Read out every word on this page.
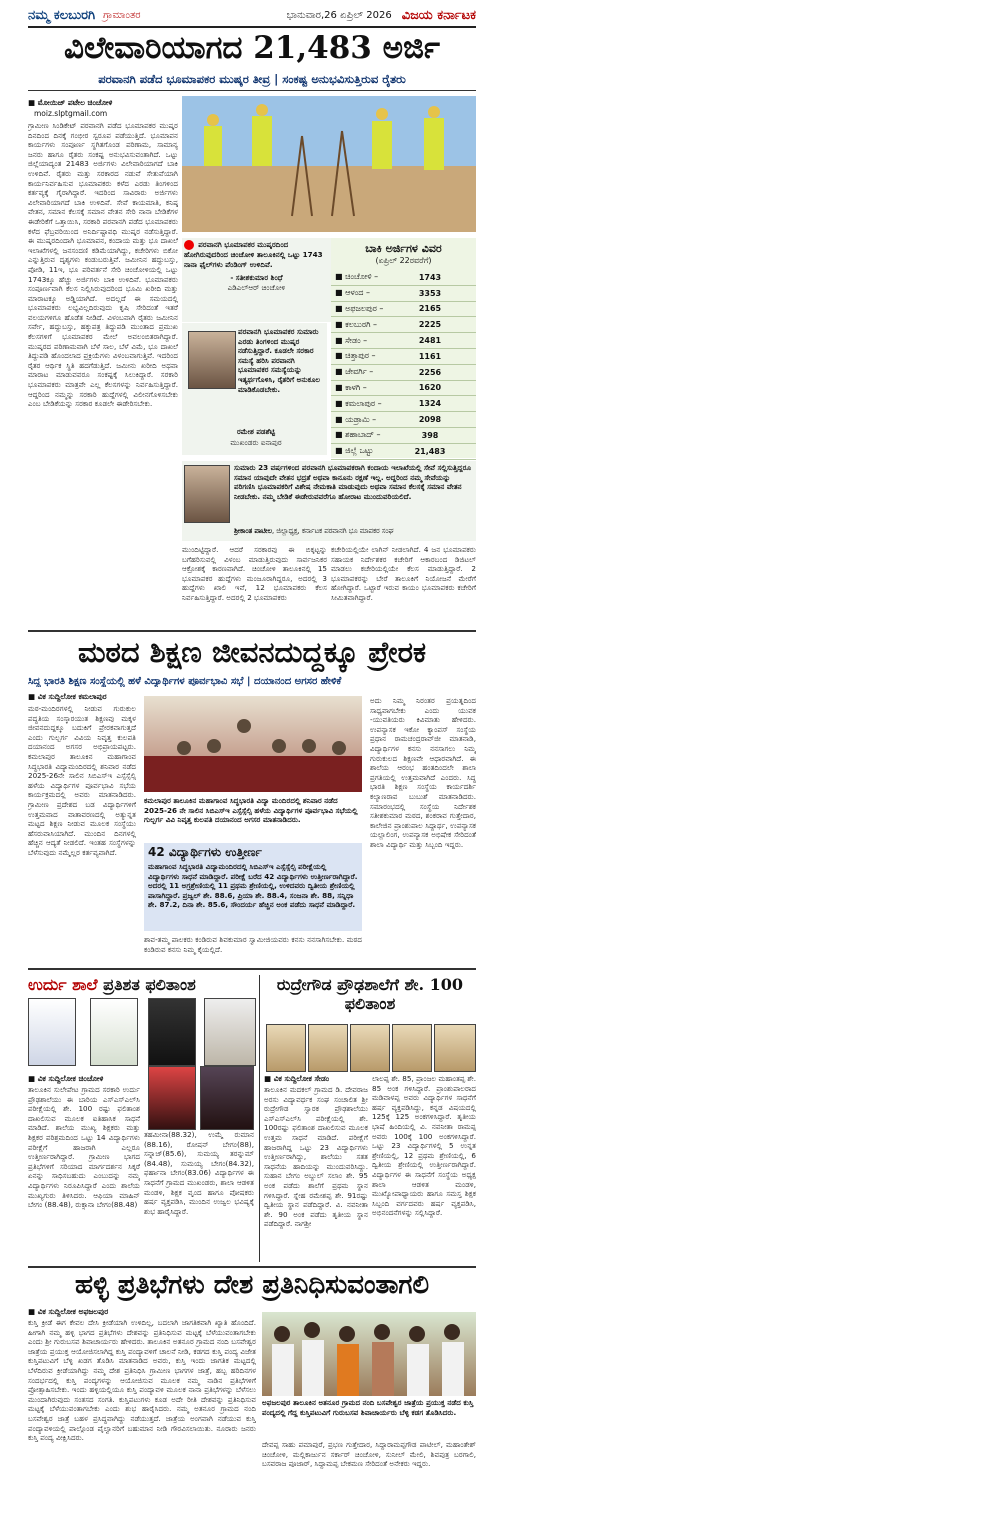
ನಮ್ಮ ಕಲಬುರಗಿ ಗ್ರಾಮಾಂತರ	ಭಾನುವಾರ,26 ಏಪ್ರಿಲ್ 2026 ವಿಜಯ ಕರ್ನಾಟಕ
ವಿಲೇವಾರಿಯಾಗದ 21,483 ಅರ್ಜಿ
ಪರವಾನಗಿ ಪಡೆದ ಭೂಮಾಪಕರ ಮುಷ್ಕರ ತೀವ್ರ | ಸಂಕಷ್ಟ ಅನುಭವಿಸುತ್ತಿರುವ ರೈತರು
■ ಮೋಯಿಜ್ ಪಟೇಲ ಚಿಂಚೋಳಿ
moiz.slptgmail.com
ಗ್ರಾಮೀಣ ಸಿಂಡಿಕೇಟ್ ಪರವಾನಗಿ ಪಡೆದ ಭೂಮಾಪಕರ ಮುಷ್ಕರ ದಿನದಿಂದ ದಿನಕ್ಕೆ ಗಂಭೀರ ಸ್ವರೂಪ ಪಡೆಯುತ್ತಿದೆ. ಭೂಮಾಪನ ಕಾರ್ಯಗಳು ಸಂಪೂರ್ಣ ಸ್ಥಗಿತಗೊಂಡ ಪರಿಣಾಮ, ಸಾಮಾನ್ಯ ಜನರು ಹಾಗೂ ರೈತರು ಸಂಕಷ್ಟ ಅನುಭವಿಸುವಂತಾಗಿದೆ. ಒಟ್ಟು ಜಿಲ್ಲೆಯಾದ್ಯಂತ 21483 ಅರ್ಜಿಗಳು ವಿಲೇವಾರಿಯಾಗದೆ ಬಾಕಿ ಉಳಿದಿವೆ. ರೈತರು ಮತ್ತು ಸರಕಾರದ ನಡುವೆ ಸೇತುವೆಯಾಗಿ ಕಾರ್ಯನಿರ್ವಹಿಸುವ ಭೂಮಾಪಕರು ಕಳೆದ ಎರಡು ತಿಂಗಳಿಂದ ಕರ್ತವ್ಯಕ್ಕೆ ಗೈರಾಗಿದ್ದಾರೆ. ಇದರಿಂದ ಸಾವಿರಾರು ಅರ್ಜಿಗಳು ವಿಲೇವಾರಿಯಾಗದೆ ಬಾಕಿ ಉಳಿದಿವೆ. ಸೇವೆ ಕಾಯಮಾತಿ, ಕನಿಷ್ಠ ವೇತನ, ಸಮಾನ ಕೆಲಸಕ್ಕೆ ಸಮಾನ ವೇತನ ಸೇರಿ ನಾನಾ ಬೇಡಿಕೆಗಳ ಈಡೇರಿಕೆಗೆ ಒತ್ತಾಯಿಸಿ, ಸರಕಾರಿ ಪರವಾನಗಿ ಪಡೆದ ಭೂಮಾಪಕರು ಕಳೆದ ಫೆಬ್ರವರಿಯಿಂದ ಅನಿರ್ದಿಷ್ಟಾವಧಿ ಮುಷ್ಕರ ನಡೆಸುತ್ತಿದ್ದಾರೆ. ಈ ಮುಷ್ಕರದಿಂದಾಗಿ ಭೂಮಾಪನ, ಕಂದಾಯ ಮತ್ತು ಭೂ ದಾಖಲೆ ಇಲಾಖೆಗಳಲ್ಲಿ ಜನಸಂದಣಿ ಕಡಿಮೆಯಾಗಿದ್ದು, ಕಚೇರಿಗಳು ಬಿಕೋ ಎನ್ನುತ್ತಿರುವ ದೃಶ್ಯಗಳು ಕಂಡುಬರುತ್ತಿವೆ. ಜಮೀನಿನ ಹದ್ದುಬಸ್ತು, ಪೋಡಿ, 11ಇ, ಭೂ ಪರಿವರ್ತನೆ ಸೇರಿ ಚಿಂಚೋಳಿಯಲ್ಲಿ ಒಟ್ಟು 1743ಕ್ಕೂ ಹೆಚ್ಚು ಅರ್ಜಿಗಳು ಬಾಕಿ ಉಳಿದಿವೆ. ಭೂಮಾಪಕರು ಸಂಪೂರ್ಣವಾಗಿ ಕೆಲಸ ನಿಲ್ಲಿಸಿರುವುದರಿಂದ ಭೂಮಿ ಖರೀದಿ ಮತ್ತು ಮಾರಾಟಕ್ಕೂ ಅಡ್ಡಿಯಾಗಿದೆ. ಅದಲ್ಲದೆ ಈ ಸಮಯದಲ್ಲಿ ಭೂಮಾಪಕರು ಲಭ್ಯವಿಲ್ಲದಿರುವುದು ಕೃಷಿ ಸೇರಿದಂತೆ ಇತರೆ ವಲಯಗಳಿಗೂ ಹೊಡೆತ ನೀಡಿದೆ. ವಿಳಂಬವಾಗಿ ರೈತರು ಜಮೀನಿನ ಸರ್ವೇ, ಹದ್ದುಬಸ್ತು, ಹಕ್ಕುಪತ್ರ ತಿದ್ದುಪಡಿ ಮುಂತಾದ ಪ್ರಮುಖ ಕೆಲಸಗಳಿಗೆ ಭೂಮಾಪಕರ ಮೇಲೆ ಅವಲಂಬಿತರಾಗಿದ್ದಾರೆ. ಮುಷ್ಕರದ ಪರಿಣಾಮವಾಗಿ ಬೆಳೆ ಸಾಲ, ಬೆಳೆ ವಿಮೆ, ಭೂ ದಾಖಲೆ ತಿದ್ದುಪಡಿ ಹೊಂದಲಾದ ಪ್ರಕ್ರಿಯೆಗಳು ವಿಳಂಬವಾಗುತ್ತಿವೆ. ಇದರಿಂದ ರೈತರ ಆರ್ಥಿಕ ಸ್ಥಿತಿ ಹದಗೆಡುತ್ತಿದೆ. ಜಮೀನು ಖರೀದಿ ಅಥವಾ ಮಾರಾಟ ಮಾಡುವವರೂ ಸಂಕಷ್ಟಕ್ಕೆ ಸಿಲುಕಿದ್ದಾರೆ. ಸರಕಾರಿ ಭೂಮಾಪಕರು ಮಾತ್ರವೇ ಎಲ್ಲ ಕೆಲಸಗಳನ್ನು ನಿರ್ವಹಿಸುತ್ತಿದ್ದಾರೆ. ಆದ್ದರಿಂದ ನಮ್ಮನ್ನು ಸರಕಾರಿ ಹುದ್ದೆಗಳಲ್ಲಿ ವಿಲೀನಗೊಳಿಸಬೇಕು ಎಂಬ ಬೇಡಿಕೆಯನ್ನು ಸರಕಾರ ಕೂಡಲೇ ಈಡೇರಿಸಬೇಕು.
ಪರವಾನಗಿ ಭೂಮಾಪಕರ ಮುಷ್ಕರದಿಂದ ಹೋಗಿರುವುದರಿಂದ ಚಿಂಚೋಳಿ ತಾಲೂಕಿನಲ್ಲಿ ಒಟ್ಟು 1743 ನಾನಾ ಫೈಲ್‌ಗಳು ಪೆಂಡಿಂಗ್ ಉಳಿದಿವೆ.
- ಸತೀಶಕುಮಾರ ಶಿಂಧೆ
ಎಡಿಎಲ್‌ಆರ್ ಚಿಂಚೋಳಿ
ಪರವಾನಗಿ ಭೂಮಾಪಕರ ಸುಮಾರು ಎರಡು ತಿಂಗಳಿಂದ ಮುಷ್ಕರ ನಡೆಸುತ್ತಿದ್ದಾರೆ. ಕೂಡಲೇ ಸರಕಾರ ಸಮಸ್ಯೆ ಹರಿಸಿ ಪರವಾನಗಿ ಭೂಮಾಪಕರ ಸಮಸ್ಯೆಯನ್ನು ಇತ್ಯರ್ಥಗೊಳಿಸಿ, ರೈತರಿಗೆ ಅನುಕೂಲ ಮಾಡಿಕೊಡಬೇಕು.
ರಮೇಶ ಪಡಶೆಟ್ಟಿ
ಮುಖಂಡರು ಐನಾಪುರ
ಬಾಕಿ ಅರ್ಜಿಗಳ ವಿವರ
(ಏಪ್ರಿಲ್ 22ರವರೆಗೆ)
■ ಚಿಂಚೋಳಿ –	1743
■ ಆಳಂದ –	3353
■ ಅಫಜಲಪುರ –	2165
■ ಕಲಬುರಗಿ –	2225
■ ಸೇಡಂ –	2481
■ ಚಿತ್ತಾಪುರ –	1161
■ ಜೇವರ್ಗಿ –	2256
■ ಕಾಳಗಿ –	1620
■ ಕಮಲಾಪುರ –	1324
■ ಯಡ್ರಾಮಿ –	2098
■ ಶಹಾಬಾದ್ –	398
■ ಜಿಲ್ಲೆ ಒಟ್ಟು	21,483
ಸುಮಾರು 23 ವರ್ಷಗಳಿಂದ ಪರವಾನಗಿ ಭೂಮಾಪಕರಾಗಿ ಕಂದಾಯ ಇಲಾಖೆಯಲ್ಲಿ ಸೇವೆ ಸಲ್ಲಿಸುತ್ತಿದ್ದರೂ ಸಮಾನ ಯಾವುದೇ ವೇತನ ಭದ್ರತೆ ಅಥವಾ ಕಾನೂನು ರಕ್ಷಣೆ ಇಲ್ಲ. ಅದ್ದರಿಂದ ನಮ್ಮ ಸೇವೆಯನ್ನು ಪರಿಗಣಿಸಿ ಭೂಮಾಪಕರಿಗೆ ವಿಶೇಷ ನೇಮಕಾತಿ ಮಾಡುವುದು ಅಥವಾ ಸಮಾನ ಕೆಲಸಕ್ಕೆ ಸಮಾನ ವೇತನ ನೀಡಬೇಕು. ನಮ್ಮ ಬೇಡಿಕೆ ಈಡೇರುವವರೆಗೂ ಹೋರಾಟ ಮುಂದುವರಿಯಲಿದೆ.
ಶ್ರೀಕಾಂತ ಪಾಟೀಲ, ಜಿಲ್ಲಾಧ್ಯಕ್ಷ, ಕರ್ನಾಟಕ ಪರವಾನಗಿ ಭೂ ಮಾಪಕರ ಸಂಘ
ಮುಂದಿಟ್ಟಿದ್ದಾರೆ. ಆದರೆ ಸರಕಾರವು ಈ ಬಿಕ್ಕಟ್ಟನ್ನು ಬಗೆಹರಿಸುವಲ್ಲಿ ವಿಳಂಬ ಮಾಡುತ್ತಿರುವುದು ಸಾರ್ವಜನಿಕರ ಆಕ್ರೋಶಕ್ಕೆ ಕಾರಣವಾಗಿದೆ. ಚಿಂಚೋಳಿ ತಾಲೂಕಿನಲ್ಲಿ 15 ಭೂಮಾಪಕರ ಹುದ್ದೆಗಳು ಮಂಜೂರಾಗಿದ್ದರೂ, ಅದರಲ್ಲಿ 3 ಹುದ್ದೆಗಳು ಖಾಲಿ ಇವೆ, 12 ಭೂಮಾಪಕರು ಕೆಲಸ ನಿರ್ವಹಿಸುತ್ತಿದ್ದಾರೆ. ಅದರಲ್ಲಿ 2 ಭೂಮಾಪಕರು
ಕಚೇರಿಯಲ್ಲಿಯೇ ಲಾಗಿನ್ ನೀಡಲಾಗಿದೆ. 4 ಜನ ಭೂಮಾಪಕರು ಸಹಾಯಕ ನಿರ್ದೇಶಕರ ಕಚೇರಿಗೆ ಆಕಾರಬಂದ ಡಿಜಿಟಲ್ ಮಾಡಲು ಕಚೇರಿಯಲ್ಲಿಯೇ ಕೆಲಸ ಮಾಡುತ್ತಿದ್ದಾರೆ. 2 ಭೂಮಾಪಕರನ್ನು ಬೇರೆ ತಾಲೂಕಿಗೆ ನಿಯೋಜನೆ ಮೇರೆಗೆ ಹೋಗಿದ್ದಾರೆ. ಒಟ್ಟಾರೆ ಇರುವ ಕಾಯಂ ಭೂಮಾಪಕರು ಕಚೇರಿಗೆ ಸೀಮಿತವಾಗಿದ್ದಾರೆ.
ಮಠದ ಶಿಕ್ಷಣ ಜೀವನದುದ್ದಕ್ಕೂ ಪ್ರೇರಕ
ಸಿದ್ಧ ಭಾರತಿ ಶಿಕ್ಷಣ ಸಂಸ್ಥೆಯಲ್ಲಿ ಹಳೆ ವಿದ್ಯಾರ್ಥಿಗಳ ಪೂರ್ವಭಾವಿ ಸಭೆ | ದಯಾನಂದ ಅಗಸರ ಹೇಳಿಕೆ
■ ವಿಕ ಸುದ್ದಿಲೋಕ ಕಮಲಾಪುರ
ಮಠ-ಮಂದಿರಗಳಲ್ಲಿ ನೀಡುವ ಗುರುಕುಲ ಪದ್ಧತಿಯ ಸಂಸ್ಕಾರಯುತ ಶಿಕ್ಷಣವು ಮಕ್ಕಳ ಜೀವನದುದ್ದಕ್ಕೂ ಬದುಕಿಗೆ ಪ್ರೇರಕವಾಗುತ್ತದೆ ಎಂದು ಗುಲ್ಬರ್ಗ ವಿವಿಯ ನಿವೃತ್ತ ಕುಲಪತಿ ದಯಾನಂದ ಅಗಸರ ಅಭಿಪ್ರಾಯಪಟ್ಟರು. ಕಮಲಾಪುರ ತಾಲೂಕಿನ ಮಹಾಗಾಂವ ಸಿದ್ಧಭಾರತಿ ವಿದ್ಯಾಮಂದಿರದಲ್ಲಿ ಶನಿವಾರ ನಡೆದ 2025-26ನೇ ಸಾಲಿನ ಸಿಬಿಎಸ್‌ಇ ಎಸ್ಸೆಸ್ಸೆಲ್ಸಿ ಹಳೆಯ ವಿದ್ಯಾರ್ಥಿಗಳ ಪೂರ್ವಭಾವಿ ಸಭೆಯ ಕಾರ್ಯಕ್ರಮದಲ್ಲಿ ಅವರು ಮಾತನಾಡಿದರು. ಗ್ರಾಮೀಣ ಪ್ರದೇಶದ ಬಡ ವಿದ್ಯಾರ್ಥಿಗಳಿಗೆ ಉತ್ತಮವಾದ ವಾತಾವರಣದಲ್ಲಿ ಅತ್ಯುನ್ನತ ಮಟ್ಟದ ಶಿಕ್ಷಣ ನೀಡುವ ಮೂಲಕ ಸಂಸ್ಥೆಯು ಹೆಸರುವಾಸಿಯಾಗಿದೆ. ಮುಂದಿನ ದಿನಗಳಲ್ಲಿ ಹೆಚ್ಚಿನ ಆದ್ಯತೆ ನೀಡಲಿದೆ. ಇಂತಹ ಸಂಸ್ಥೆಗಳನ್ನು ಬೆಳೆಸುವುದು ನಮ್ಮೆಲ್ಲರ ಕರ್ತವ್ಯವಾಗಿದೆ.
ಕಮಲಾಪುರ ತಾಲೂಕಿನ ಮಹಾಗಾಂವ ಸಿದ್ಧಭಾರತಿ ವಿದ್ಯಾ ಮಂದಿರದಲ್ಲಿ ಶನಿವಾರ ನಡೆದ 2025-26 ನೇ ಸಾಲಿನ ಸಿಬಿಎಸ್‌ಇ ಎಸ್ಸೆಸ್ಸೆಲ್ಸಿ ಹಳೆಯ ವಿದ್ಯಾರ್ಥಿಗಳ ಪೂರ್ವಭಾವಿ ಸಭೆಯಲ್ಲಿ ಗುಲ್ಬರ್ಗ ವಿವಿ ನಿವೃತ್ತ ಕುಲಪತಿ ದಯಾನಂದ ಅಗಸರ ಮಾತನಾಡಿದರು.
42 ವಿದ್ಯಾರ್ಥಿಗಳು ಉತ್ತೀರ್ಣ
ಮಹಾಗಾಂವ ಸಿದ್ಧಭಾರತಿ ವಿದ್ಯಾಮಂದಿರದಲ್ಲಿ ಸಿಬಿಎಸ್‌ಇ ಎಸ್ಸೆಸ್ಸೆಲ್ಸಿ ಪರೀಕ್ಷೆಯಲ್ಲಿ ವಿದ್ಯಾರ್ಥಿಗಳು ಸಾಧನೆ ಮಾಡಿದ್ದಾರೆ. ಪರೀಕ್ಷೆ ಬರೆದ 42 ವಿದ್ಯಾರ್ಥಿಗಳು ಉತ್ತೀರ್ಣರಾಗಿದ್ದಾರೆ. ಅದರಲ್ಲಿ 11 ಅಗ್ರಶ್ರೇಣಿಯಲ್ಲಿ 11 ಪ್ರಥಮ ಶ್ರೇಣಿಯಲ್ಲಿ, ಉಳಿದವರು ದ್ವಿತೀಯ ಶ್ರೇಣಿಯಲ್ಲಿ ಪಾಸಾಗಿದ್ದಾರೆ. ಪ್ರಜ್ವಲ್ ಶೇ. 88.6, ಪ್ರಿಯಾ ಶೇ. 88.4, ಸಂಜನಾ ಶೇ. 88, ಸನ್ನಿಧಾ ಶೇ. 87.2, ದಿನಾ ಶೇ. 85.6, ಸೌಂದರ್ಯ ಹೆಚ್ಚಿನ ಅಂಕ ಪಡೆದು ಸಾಧನೆ ಮಾಡಿದ್ದಾರೆ.
ಶಾವ-ತಮ್ಮ ಪಾಲಕರು ಕಂಡಿರುವ ಶಿವಕುಮಾರ ಸ್ವಾಮೀಜಿಯವರು ಕನಸು ನನಸಾಗಿಸಬೇಕು. ಮಠದ ಕಂಡಿರುವ ಕನಸು ನಿಮ್ಮ ಕೈಯಲ್ಲಿದೆ.
ಅದು ನಿಮ್ಮ ನಿರಂತರ ಪ್ರಯತ್ನದಿಂದ ಸಾಧ್ಯವಾಗಬೇಕು ಎಂದು ಯುವಕ -ಯುವತಿಯರು ಕಿವಿಮಾತು ಹೇಳಿದರು. ಉಪನ್ಯಾಸಕ ಇಕೋ ಕ್ಯಾಂಪಸ್ ಸಂಸ್ಥೆಯ ಪ್ರಧಾನ ರಾಮಚಂದ್ರರಾವ್‌ಜೀ ಮಾತನಾಡಿ, ವಿದ್ಯಾರ್ಥಿಗಳ ಕನಸು ನನಸಾಗಲು ನಿಮ್ಮ ಗುರುಕುಲದ ಶಿಕ್ಷಣವೇ ಆಧಾರವಾಗಿದೆ. ಈ ಶಾಲೆಯ ಆರಂಭ ಹಂತದಿಂದಲೇ ಶಾಲಾ ಪ್ರಗತಿಯಲ್ಲಿ ಉತ್ತಮವಾಗಿದೆ ಎಂದರು. ಸಿದ್ಧ ಭಾರತಿ ಶಿಕ್ಷಣ ಸಂಸ್ಥೆಯ ಕಾರ್ಯದರ್ಶಿ ಕಲ್ಯಾಣರಾವ ಬುಬುಶೆ ಮಾತನಾಡಿದರು. ಸಮಾರಂಭದಲ್ಲಿ ಸಂಸ್ಥೆಯ ನಿರ್ದೇಶಕ ಸತೀಶಕುಮಾರ ಮಠದ, ಶಂಕರಾವ ಗುತ್ತೇದಾರ, ಕಾಲೇಜಿನ ಪ್ರಾಂಶುಪಾಲ ಸಿದ್ದಾರ್ಥ, ಉಪನ್ಯಾಸಕ ಯಲ್ಲಾಲಿಂಗ, ಉಪನ್ಯಾಸಕ ಅಭಿಷೇಕ ಸೇರಿದಂತೆ ಶಾಲಾ ವಿದ್ಯಾರ್ಥಿ ಮತ್ತು ಸಿಬ್ಬಂದಿ ಇದ್ದರು.
ಉರ್ದು ಶಾಲೆ ಪ್ರತಿಶತ ಫಲಿತಾಂಶ
■ ವಿಕ ಸುದ್ದಿಲೋಕ ಚಿಂಚೋಳಿ
ತಾಲೂಕಿನ ಸುಲೇಪೇಟ ಗ್ರಾಮದ ಸರಕಾರಿ ಉರ್ದು ಪ್ರೌಢಶಾಲೆಯು ಈ ಬಾರಿಯ ಎಸ್‌ಎಸ್‌ಎಲ್‌ಸಿ ಪರೀಕ್ಷೆಯಲ್ಲಿ ಶೇ. 100 ರಷ್ಟು ಫಲಿತಾಂಶ ದಾಖಲಿಸುವ ಮೂಲಕ ಐತಿಹಾಸಿಕ ಸಾಧನೆ ಮಾಡಿದೆ. ಶಾಲೆಯ ಮುಖ್ಯ ಶಿಕ್ಷಕರು ಮತ್ತು ಶಿಕ್ಷಕರ ಪರಿಶ್ರಮದಿಂದ ಒಟ್ಟು 14 ವಿದ್ಯಾರ್ಥಿಗಳು ಪರೀಕ್ಷೆಗೆ ಹಾಜರಾಗಿ ಎಲ್ಲರೂ ಉತ್ತೀರ್ಣರಾಗಿದ್ದಾರೆ. ಗ್ರಾಮೀಣ ಭಾಗದ ಪ್ರತಿಭೆಗಳಿಗೆ ಸರಿಯಾದ ಮಾರ್ಗದರ್ಶನ ಸಿಕ್ಕರೆ ಏನನ್ನು ಸಾಧಿಸಬಹುದು ಎಂಬುದನ್ನು ನಮ್ಮ ವಿದ್ಯಾರ್ಥಿಗಳು ನಿರೂಪಿಸಿದ್ದಾರೆ ಎಂದು ಶಾಲೆಯ ಮುಖ್ಯಗುರು ತಿಳಿಸಿದರು. ಆಫಿಯಾ ಮಾಹಿನ್ ಬೇಗಂ (88.48), ರುಕ್ಸಾನಾ ಬೇಗಂ(88.48)
ತಹಮೀನಾ(88.32), ಉಮ್ಮೆ ರುಮಾನ (88.16), ರೋಷನ್ ಬೇಗಂ(88), ಸನ್ನಾಜ್(85.6), ಸುಮಯ್ಯ ತರನ್ನುಮ್ (84.48), ಸುಮಯ್ಯ ಬೇಗಂ(84.32), ಫರ್ಹಾನಾ ಬೇಗಂ(83.06) ವಿದ್ಯಾರ್ಥಿಗಳ ಈ ಸಾಧನೆಗೆ ಗ್ರಾಮದ ಮುಖಂಡರು, ಶಾಲಾ ಆಡಳಿತ ಮಂಡಳಿ, ಶಿಕ್ಷಕ ವೃಂದ ಹಾಗೂ ಪೋಷಕರು ಹರ್ಷ ವ್ಯಕ್ತಪಡಿಸಿ, ಮುಂದಿನ ಉಜ್ವಲ ಭವಿಷ್ಯಕ್ಕೆ ಶುಭ ಹಾರೈಸಿದ್ದಾರೆ.
ರುದ್ರೇಗೌಡ ಪ್ರೌಢಶಾಲೆಗೆ ಶೇ. 100 ಫಲಿತಾಂಶ
■ ವಿಕ ಸುದ್ದಿಲೋಕ ಸೇಡಂ
ತಾಲೂಕಿನ ಮದಕಲ್ ಗ್ರಾಮದ ಡಿ. ದೇವರಾಜ ಅರಸು ವಿದ್ಯಾವರ್ಧಕ ಸಂಘ ಸಂಚಾಲಿತ ಶ್ರೀ ರುದ್ರೇಗೌಡ ಸ್ವಾರಕ ಪ್ರೌಢಶಾಲೆಯು ಎಸ್‌ಎಸ್‌ಎಲ್‌ಸಿ ಪರೀಕ್ಷೆಯಲ್ಲಿ ಶೇ. 100ರಷ್ಟು ಫಲಿತಾಂಶ ದಾಖಲಿಸುವ ಮೂಲಕ ಉತ್ತಮ ಸಾಧನೆ ಮಾಡಿದೆ. ಪರೀಕ್ಷೆಗೆ ಹಾಜರಾಗಿದ್ದ ಒಟ್ಟು 23 ವಿದ್ಯಾರ್ಥಿಗಳು ಉತ್ತೀರ್ಣರಾಗಿದ್ದು, ಶಾಲೆಯು ಸತತ ಸಾಧನೆಯ ಹಾದಿಯನ್ನು ಮುಂದುವರಿಸಿದ್ದು. ಸುಹಾನ ಬೇಗಂ ಅಬ್ದುಲ್ ಸಲಾಂ ಶೇ. 95 ಅಂಕ ಪಡೆದು ಶಾಲೆಗೆ ಪ್ರಥಮ ಸ್ಥಾನ ಗಳಿಸಿದ್ದಾರೆ. ಸ್ನೇಹ ರಮೇಶಪ್ಪ ಶೇ. 91ರಷ್ಟು ದ್ವಿತೀಯ ಸ್ಥಾನ ಪಡೆದಿದ್ದಾರೆ. ವಿ. ನವನೀತಾ ಶೇ. 90 ಅಂಕ ಪಡೆದು ತೃತೀಯ ಸ್ಥಾನ ಪಡೆದಿದ್ದಾರೆ. ನಾಗಶ್ರೀ
ಲಾಲಪ್ಪ ಶೇ. 85, ಪ್ರಾಂಜಲ ಮಹಾಂತಪ್ಪ ಶೇ. 85 ಅಂಕ ಗಳಿಸಿದ್ದಾರೆ. ಪ್ರಾಂಶುಪಾಲರಾದ ಮಡಿವಾಳಪ್ಪ ಅವರು ವಿದ್ಯಾರ್ಥಿಗಳ ಸಾಧನೆಗೆ ಹರ್ಷ ವ್ಯಕ್ತಪಡಿಸಿದ್ದು, ಕನ್ನಡ ವಿಷಯದಲ್ಲಿ 125ಕ್ಕೆ 125 ಅಂಕಗಳಿಸಿದ್ದಾರೆ. ತೃತೀಯ ಭಾಷೆ ಹಿಂದಿಯಲ್ಲಿ ವಿ. ನವನೀತಾ ರಾಮಪ್ಪ ಅವರು 100ಕ್ಕೆ 100 ಅಂಕಗಳಿಸಿದ್ದಾರೆ. ಒಟ್ಟು 23 ವಿದ್ಯಾರ್ಥಿಗಳಲ್ಲಿ 5 ಉನ್ನತ ಶ್ರೇಣಿಯಲ್ಲಿ, 12 ಪ್ರಥಮ ಶ್ರೇಣಿಯಲ್ಲಿ, 6 ದ್ವಿತೀಯ ಶ್ರೇಣಿಯಲ್ಲಿ ಉತ್ತೀರ್ಣರಾಗಿದ್ದಾರೆ. ವಿದ್ಯಾರ್ಥಿಗಳ ಈ ಸಾಧನೆಗೆ ಸಂಸ್ಥೆಯ ಅಧ್ಯಕ್ಷ ಶಾಲಾ ಆಡಳಿತ ಮಂಡಳಿ, ಮುಖ್ಯೋಪಾಧ್ಯಾಯರು ಹಾಗೂ ಸಮಸ್ತ ಶಿಕ್ಷಕ ಸಿಬ್ಬಂದಿ ವರ್ಗದವರು ಹರ್ಷ ವ್ಯಕ್ತಪಡಿಸಿ, ಅಭಿನಂದನೆಗಳನ್ನು ಸಲ್ಲಿಸಿದ್ದಾರೆ.
ಹಳ್ಳಿ ಪ್ರತಿಭೆಗಳು ದೇಶ ಪ್ರತಿನಿಧಿಸುವಂತಾಗಲಿ
■ ವಿಕ ಸುದ್ದಿಲೋಕ ಅಫಜಲಪುರ
ಕುಸ್ತಿ ಕ್ರೀಡೆ ಈಗ ಕೇವಲ ದೇಸಿ ಕ್ರೀಡೆಯಾಗಿ ಉಳಿದಿಲ್ಲ, ಬದಲಾಗಿ ಜಾಗತಿಕವಾಗಿ ಖ್ಯಾತಿ ಹೊಂದಿದೆ. ಹೀಗಾಗಿ ನಮ್ಮ ಹಳ್ಳಿ ಭಾಗದ ಪ್ರತಿಭೆಗಳು ದೇಶವನ್ನು ಪ್ರತಿನಿಧಿಸುವ ಮಟ್ಟಕ್ಕೆ ಬೆಳೆಯುವಂತಾಗಬೇಕು ಎಂದು ಶ್ರೀ ಗುರುಬಸವ ಶಿವಾಚಾರ್ಯರು ಹೇಳಿದರು. ತಾಲೂಕಿನ ಅತನೂರ ಗ್ರಾಮದ ನಂದಿ ಬಸವೇಶ್ವರ ಜಾತ್ರೆಯ ಪ್ರಯುಕ್ತ ಆಯೋಜಿಸಲಾಗಿದ್ದ ಕುಸ್ತಿ ಪಂದ್ಯಾವಳಿಗೆ ಚಾಲನೆ ನೀಡಿ, ಕಡಗದ ಕುಸ್ತಿ ಪಂದ್ಯ ವಿಜೇತ ಕುಸ್ತಿಪಟುವಿಗೆ ಬೆಳ್ಳಿ ಖಡಗ ತೊಡಿಸಿ ಮಾತನಾಡಿದ ಅವರು, ಕುಸ್ತಿ ಇಂದು ಜಾಗತಿಕ ಮಟ್ಟದಲ್ಲಿ ಬೆಳೆದಿರುವ ಕ್ರೀಡೆಯಾಗಿದ್ದು ನಮ್ಮ ದೇಶ ಪ್ರತಿನಿಧಿಸಿ ಗ್ರಾಮೀಣ ಭಾಗಗಳ ಜಾತ್ರೆ, ಹಬ್ಬ ಹರಿದಿನಗಳ ಸಂದರ್ಭದಲ್ಲಿ ಕುಸ್ತಿ ಪಂದ್ಯಗಳನ್ನು ಆಯೋಜಿಸುವ ಮೂಲಕ ನಮ್ಮ ನಾಡಿನ ಪ್ರತಿಭೆಗಳಿಗೆ ಪ್ರೋತ್ಸಾಹಿಸಬೇಕು. ಇಂದು ಹಳ್ಳಿಯಲ್ಲಿಯೂ ಕುಸ್ತಿ ಪಂದ್ಯಾವಳಿ ಮೂಲಕ ನಾನಾ ಪ್ರತಿಭೆಗಳನ್ನು ಬೆಳೆಸಲು ಮುಂದಾಗಿರುವುದು ಸಂತಸದ ಸಂಗತಿ. ಕುಸ್ತಿಪಟುಗಳು ಕೂಡ ಅದೇ ರೀತಿ ದೇಶವನ್ನು ಪ್ರತಿನಿಧಿಸುವ ಮಟ್ಟಕ್ಕೆ ಬೆಳೆಯುವಂತಾಗಬೇಕು ಎಂದು ಶುಭ ಹಾರೈಸಿದರು. ನಮ್ಮ ಅತನೂರ ಗ್ರಾಮದ ನಂದಿ ಬಸವೇಶ್ವರ ಜಾತ್ರೆ ಬಹಳ ಪ್ರಸಿದ್ಧವಾಗಿದ್ದು ನಡೆಯುತ್ತದೆ. ಜಾತ್ರೆಯ ಅಂಗವಾಗಿ ನಡೆಯುವ ಕುಸ್ತಿ ಪಂದ್ಯಾವಳಿಯಲ್ಲಿ ಪಾಲ್ಗೊಂಡ ಪೈಲ್ವಾನರಿಗೆ ಬಹುಮಾನ ನೀಡಿ ಗೌರವಿಸಲಾಯಿತು. ನೂರಾರು ಜನರು ಕುಸ್ತಿ ಪಂದ್ಯ ವೀಕ್ಷಿಸಿದರು.
ಅಫಜಲಪುರ ತಾಲೂಕಿನ ಅತನೂರ ಗ್ರಾಮದ ನಂದಿ ಬಸವೇಶ್ವರ ಜಾತ್ರೆಯ ಪ್ರಯುಕ್ತ ನಡೆದ ಕುಸ್ತಿ ಪಂದ್ಯದಲ್ಲಿ ಗೆದ್ದ ಕುಸ್ತಿಪಟುವಿಗೆ ಗುರುಬಸವ ಶಿವಾಚಾರ್ಯರು ಬೆಳ್ಳಿ ಕಡಗ ತೊಡಿಸಿದರು.
ದೇವಪ್ಪ ಸಾಹು ಪಮಾಪುರೆ, ಪ್ರಭಣ ಗುತ್ತೇದಾರ, ಸಿದ್ದಾರಾಮಪ್ಪಗೌಡ ಪಾಟೀಲ್, ಮಹಾಂತೇಶ್ ಚಿಂಚೋಳಿ, ಮಲ್ಲಿಕಾರ್ಜುನ ಸರ್ಕಾರ್ ಚಿಂಚೋಳಿ, ಸುನೀಲ್ ಮೇಲಿ, ಶಿವಪುತ್ರ ಬರಗಾಲಿ, ಬಸವರಾಜ ಪೂಜಾರ್, ಸಿದ್ದಾಮಪ್ಪ ಬೇಕಮಣ ಸೇರಿದಂತೆ ಅನೇಕರು ಇದ್ದರು.
